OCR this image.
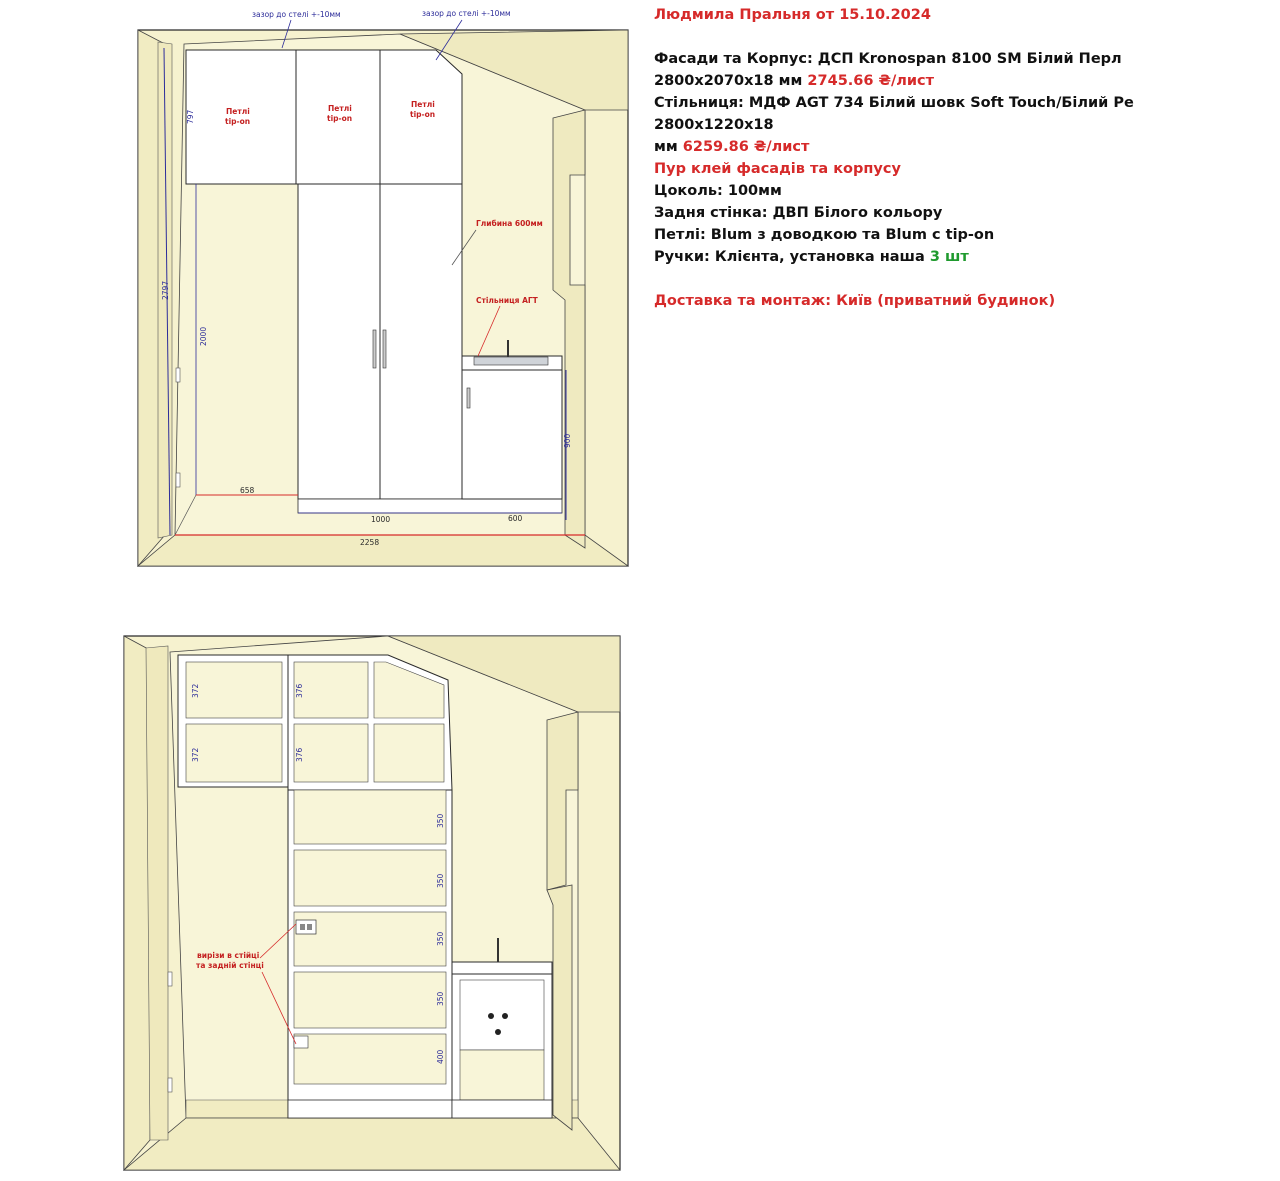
зазор до стелі +-10мм	зазор до стелі +-10мм
Петлі
tip-on
Петлі
tip-on
Петлі
tip-on
Глибина 600мм
Стільниця АГТ
797
2797
2000
900
658
1000	600
2258
вирізи в стійці
та задній стінці
372
372
376
376
350
350
350
350
400
Людмила Пральня от 15.10.2024
Фасади та Корпус: ДСП Kronospan 8100 SM Білий Перл
2800x2070x18 мм 2745.66 ₴/лист
Стільниця: МДФ AGT 734 Білий шовк Soft Touch/Білий Ре 2800x1220x18
мм 6259.86 ₴/лист
Пур клей фасадів та корпусу
Цоколь: 100мм
Задня стінка: ДВП Білого кольору
Петлі: Blum з доводкою та Blum с tip-on
Ручки: Клієнта, установка наша 3 шт
Доставка та монтаж: Київ (приватний будинок)
